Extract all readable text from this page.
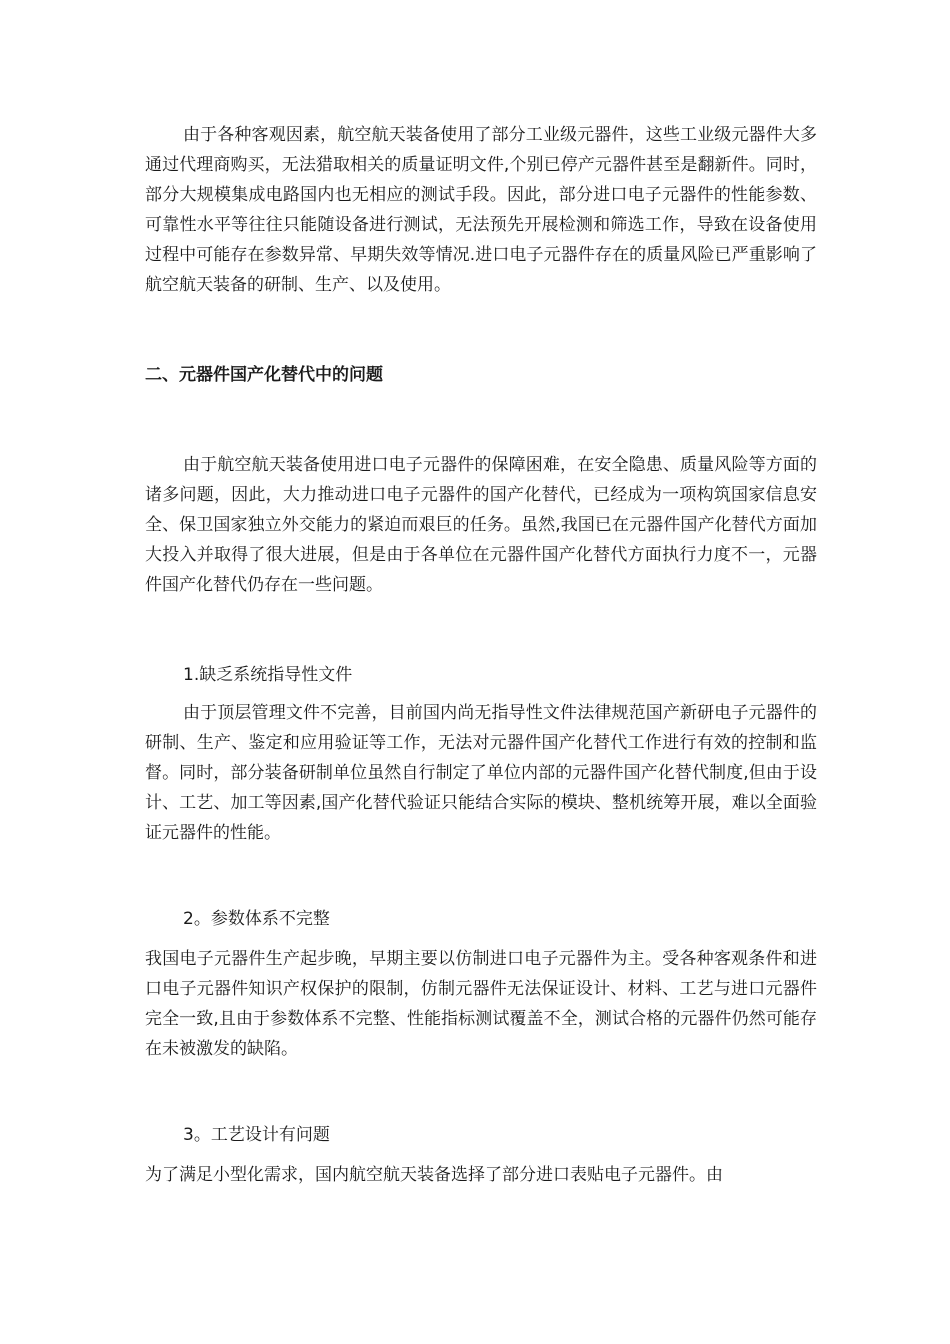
由于各种客观因素，航空航天装备使用了部分工业级元器件，这些工业级元器件大多通过代理商购买，无法猎取相关的质量证明文件,个别已停产元器件甚至是翻新件。同时，部分大规模集成电路国内也无相应的测试手段。因此，部分进口电子元器件的性能参数、可靠性水平等往往只能随设备进行测试，无法预先开展检测和筛选工作，导致在设备使用过程中可能存在参数异常、早期失效等情况.进口电子元器件存在的质量风险已严重影响了航空航天装备的研制、生产、以及使用。

二、元器件国产化替代中的问题

由于航空航天装备使用进口电子元器件的保障困难，在安全隐患、质量风险等方面的诸多问题，因此，大力推动进口电子元器件的国产化替代，已经成为一项构筑国家信息安全、保卫国家独立外交能力的紧迫而艰巨的任务。虽然,我国已在元器件国产化替代方面加大投入并取得了很大进展，但是由于各单位在元器件国产化替代方面执行力度不一，元器件国产化替代仍存在一些问题。

1.缺乏系统指导性文件

由于顶层管理文件不完善，目前国内尚无指导性文件法律规范国产新研电子元器件的研制、生产、鉴定和应用验证等工作，无法对元器件国产化替代工作进行有效的控制和监督。同时，部分装备研制单位虽然自行制定了单位内部的元器件国产化替代制度,但由于设计、工艺、加工等因素,国产化替代验证只能结合实际的模块、整机统筹开展，难以全面验证元器件的性能。

2。参数体系不完整

我国电子元器件生产起步晚，早期主要以仿制进口电子元器件为主。受各种客观条件和进口电子元器件知识产权保护的限制，仿制元器件无法保证设计、材料、工艺与进口元器件完全一致,且由于参数体系不完整、性能指标测试覆盖不全，测试合格的元器件仍然可能存在未被激发的缺陷。

3。工艺设计有问题

为了满足小型化需求，国内航空航天装备选择了部分进口表贴电子元器件。由
